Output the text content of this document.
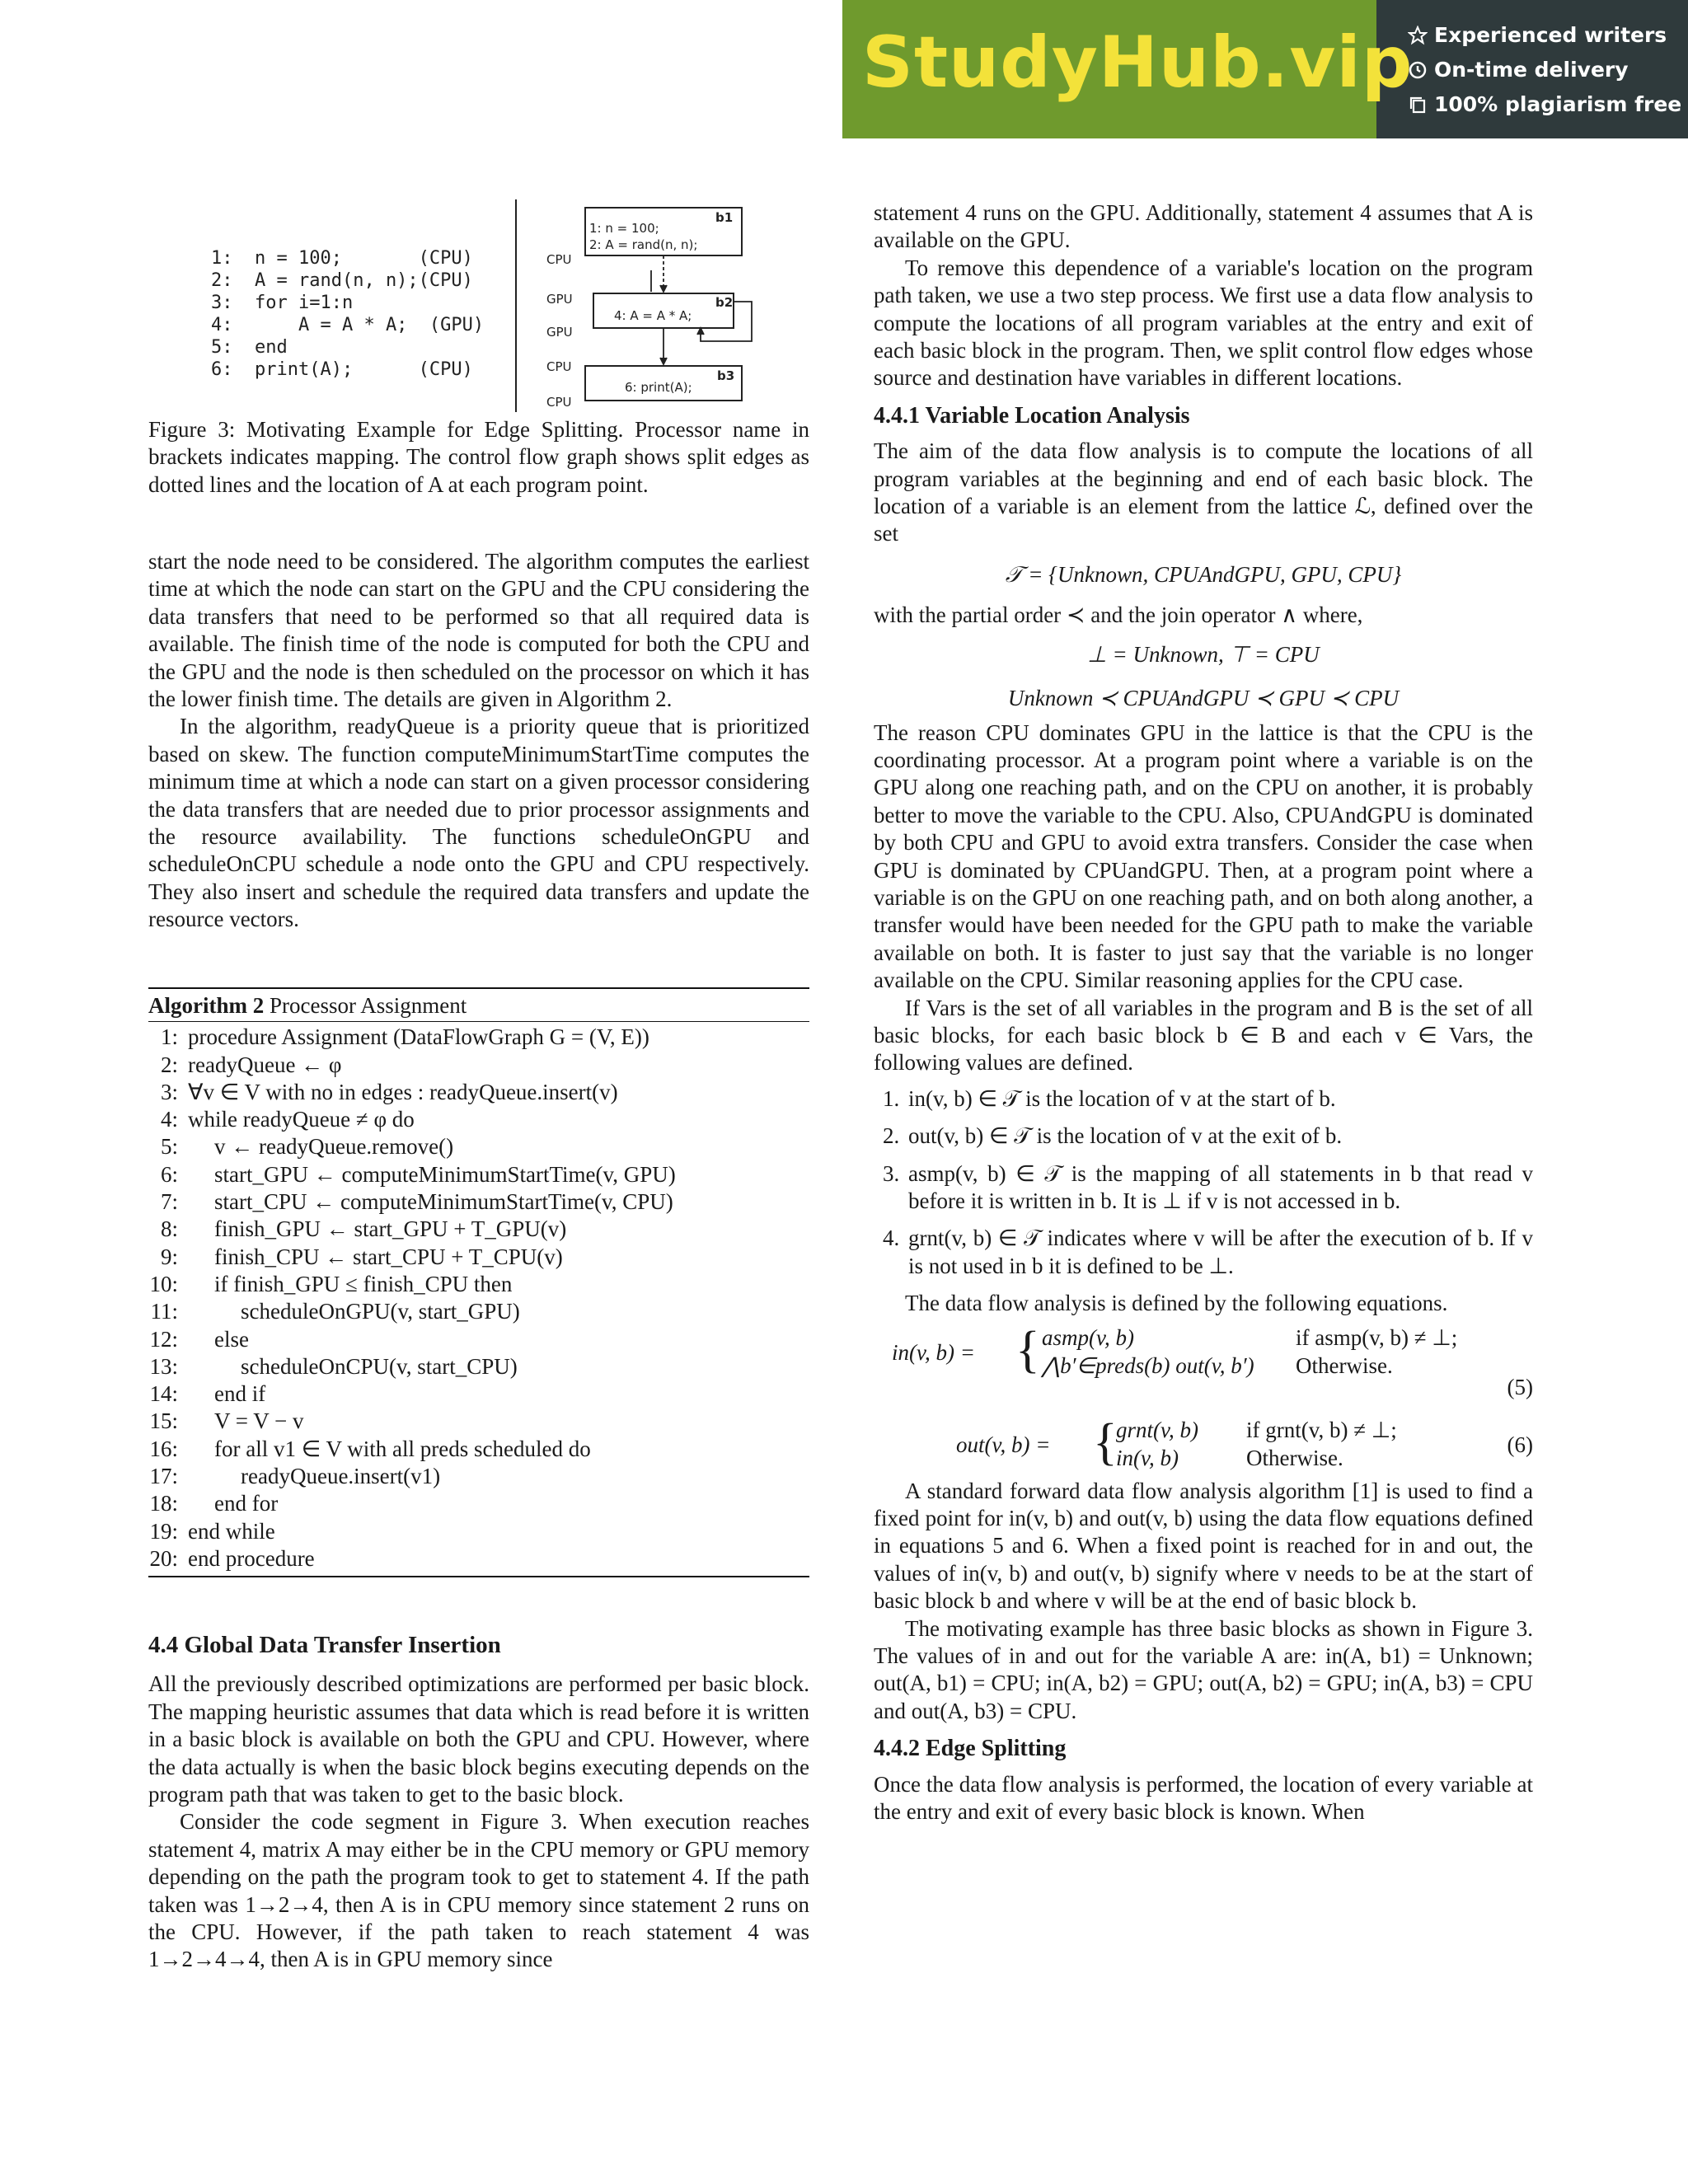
StudyHub.vip Experienced writers
On-time delivery
100% plagiarism free
1: n = 100;       (CPU)
2: A = rand(n, n);(CPU)
3: for i=1:n
4:      A = A * A;  (GPU)
5: end
6: print(A);      (CPU)
CPU
GPU
GPU
CPU
CPU
b1
1: n = 100;
2: A = rand(n, n);
b2
4: A = A * A;
b3
6: print(A);
Figure 3: Motivating Example for Edge Splitting. Processor name in brackets indicates mapping. The control flow graph shows split edges as dotted lines and the location of A at each program point.

start the node need to be considered. The algorithm computes the earliest time at which the node can start on the GPU and the CPU considering the data transfers that need to be performed so that all required data is available. The finish time of the node is computed for both the CPU and the GPU and the node is then scheduled on the processor on which it has the lower finish time. The details are given in Algorithm 2.

In the algorithm, readyQueue is a priority queue that is prioritized based on skew. The function computeMinimumStartTime computes the minimum time at which a node can start on a given processor considering the data transfers that are needed due to prior processor assignments and the resource availability. The functions scheduleOnGPU and scheduleOnCPU schedule a node onto the GPU and CPU respectively. They also insert and schedule the required data transfers and update the resource vectors.

Algorithm 2 Processor Assignment
1: procedure Assignment (DataFlowGraph G = (V, E))
2: readyQueue ← φ
3: ∀v ∈ V with no in edges : readyQueue.insert(v)
4: while readyQueue ≠ φ do
5:	v ← readyQueue.remove()
6:	start_GPU ← computeMinimumStartTime(v, GPU)
7:	start_CPU ← computeMinimumStartTime(v, CPU)
8:	finish_GPU ← start_GPU + T_GPU(v)
9:	finish_CPU ← start_CPU + T_CPU(v)
10:	if finish_GPU ≤ finish_CPU then
11:	scheduleOnGPU(v, start_GPU)
12:	else
13:	scheduleOnCPU(v, start_CPU)
14:	end if
15:	V = V − v
16:	for all v1 ∈ V with all preds scheduled do
17:	readyQueue.insert(v1)
18:	end for
19: end while
20: end procedure

4.4 Global Data Transfer Insertion

All the previously described optimizations are performed per basic block. The mapping heuristic assumes that data which is read before it is written in a basic block is available on both the GPU and CPU. However, where the data actually is when the basic block begins executing depends on the program path that was taken to get to the basic block.

Consider the code segment in Figure 3. When execution reaches statement 4, matrix A may either be in the CPU memory or GPU memory depending on the path the program took to get to statement 4. If the path taken was 1→2→4, then A is in CPU memory since statement 2 runs on the CPU. However, if the path taken to reach statement 4 was 1→2→4→4, then A is in GPU memory since

statement 4 runs on the GPU. Additionally, statement 4 assumes that A is available on the GPU.

To remove this dependence of a variable's location on the program path taken, we use a two step process. We first use a data flow analysis to compute the locations of all program variables at the entry and exit of each basic block in the program. Then, we split control flow edges whose source and destination have variables in different locations.

4.4.1 Variable Location Analysis

The aim of the data flow analysis is to compute the locations of all program variables at the beginning and end of each basic block. The location of a variable is an element from the lattice ℒ, defined over the set

𝒯 = {Unknown, CPUAndGPU, GPU, CPU}

with the partial order ≺ and the join operator ∧ where,

⊥ = Unknown, ⊤ = CPU

Unknown ≺ CPUAndGPU ≺ GPU ≺ CPU

The reason CPU dominates GPU in the lattice is that the CPU is the coordinating processor. At a program point where a variable is on the GPU along one reaching path, and on the CPU on another, it is probably better to move the variable to the CPU. Also, CPUAndGPU is dominated by both CPU and GPU to avoid extra transfers. Consider the case when GPU is dominated by CPUandGPU. Then, at a program point where a variable is on the GPU on one reaching path, and on both along another, a transfer would have been needed for the GPU path to make the variable available on both. It is faster to just say that the variable is no longer available on the CPU. Similar reasoning applies for the CPU case.

If Vars is the set of all variables in the program and B is the set of all basic blocks, for each basic block b ∈ B and each v ∈ Vars, the following values are defined.

1. in(v, b) ∈ 𝒯 is the location of v at the start of b.
2. out(v, b) ∈ 𝒯 is the location of v at the exit of b.
3. asmp(v, b) ∈ 𝒯 is the mapping of all statements in b that read v before it is written in b. It is ⊥ if v is not accessed in b.
4. grnt(v, b) ∈ 𝒯 indicates where v will be after the execution of b. If v is not used in b it is defined to be ⊥.

The data flow analysis is defined by the following equations.

in(v, b) = { asmp(v, b)	if asmp(v, b) ≠ ⊥;
⋀b′∈preds(b) out(v, b′) Otherwise.
(5)
out(v, b) = {
grnt(v, b) if grnt(v, b) ≠ ⊥;
in(v, b)	Otherwise.
(6)

A standard forward data flow analysis algorithm [1] is used to find a fixed point for in(v, b) and out(v, b) using the data flow equations defined in equations 5 and 6. When a fixed point is reached for in and out, the values of in(v, b) and out(v, b) signify where v needs to be at the start of basic block b and where v will be at the end of basic block b.

The motivating example has three basic blocks as shown in Figure 3. The values of in and out for the variable A are: in(A, b1) = Unknown; out(A, b1) = CPU; in(A, b2) = GPU; out(A, b2) = GPU; in(A, b3) = CPU and out(A, b3) = CPU.

4.4.2 Edge Splitting

Once the data flow analysis is performed, the location of every variable at the entry and exit of every basic block is known. When
